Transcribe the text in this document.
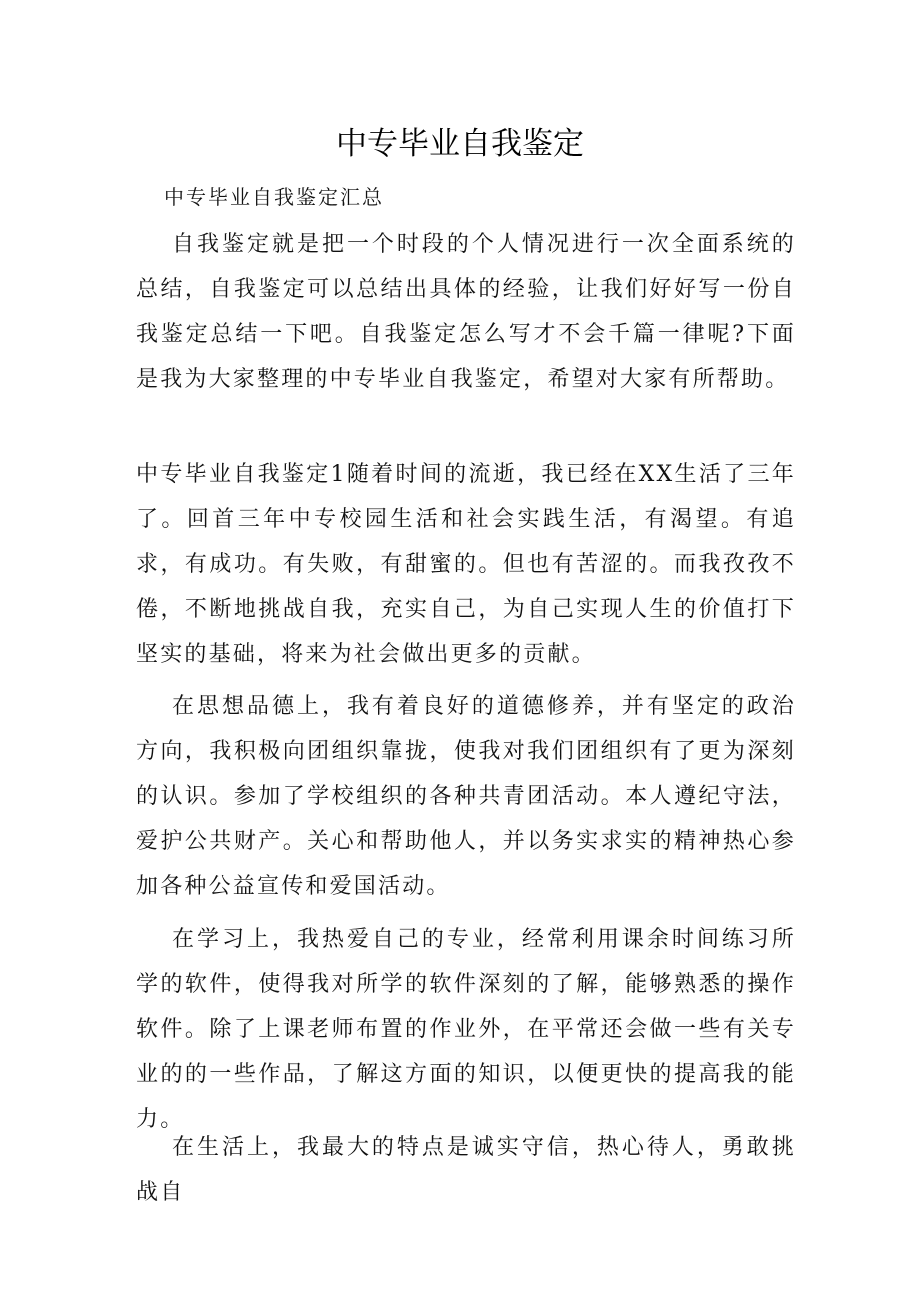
中专毕业自我鉴定

中专毕业自我鉴定汇总

自我鉴定就是把一个时段的个人情况进行一次全面系统的总结，自我鉴定可以总结出具体的经验，让我们好好写一份自我鉴定总结一下吧。自我鉴定怎么写才不会千篇一律呢?下面是我为大家整理的中专毕业自我鉴定，希望对大家有所帮助。

中专毕业自我鉴定1随着时间的流逝，我已经在XX生活了三年了。回首三年中专校园生活和社会实践生活，有渴望。有追求，有成功。有失败，有甜蜜的。但也有苦涩的。而我孜孜不倦，不断地挑战自我，充实自己，为自己实现人生的价值打下坚实的基础，将来为社会做出更多的贡献。

在思想品德上，我有着良好的道德修养，并有坚定的政治方向，我积极向团组织靠拢，使我对我们团组织有了更为深刻的认识。参加了学校组织的各种共青团活动。本人遵纪守法，爱护公共财产。关心和帮助他人，并以务实求实的精神热心参加各种公益宣传和爱国活动。

在学习上，我热爱自己的专业，经常利用课余时间练习所学的软件，使得我对所学的软件深刻的了解，能够熟悉的操作软件。除了上课老师布置的作业外，在平常还会做一些有关专业的的一些作品，了解这方面的知识，以便更快的提高我的能力。

在生活上，我最大的特点是诚实守信，热心待人，勇敢挑战自
